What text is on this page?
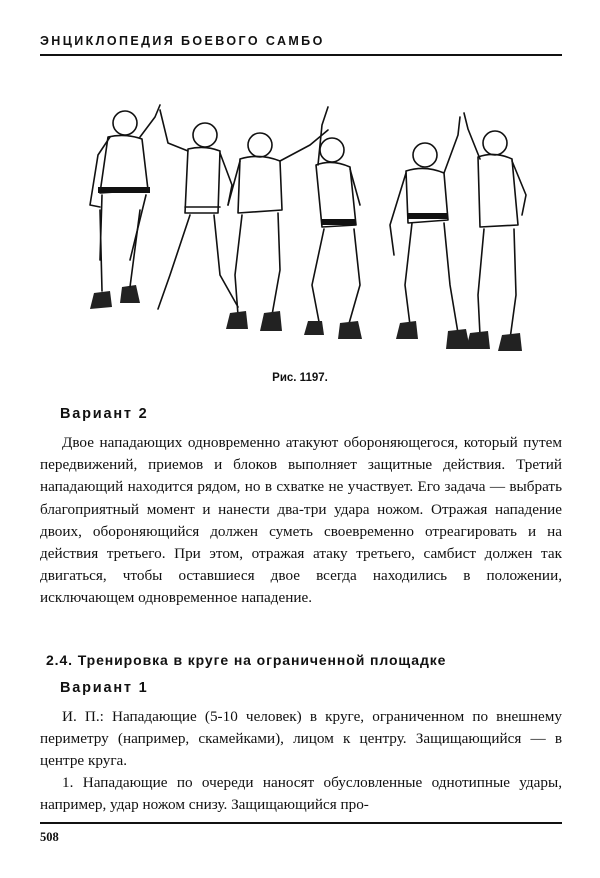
ЭНЦИКЛОПЕДИЯ БОЕВОГО САМБО
Рис. 1197.
Вариант 2
Двое нападающих одновременно атакуют обороняющегося, который путем передвижений, приемов и блоков выполняет защитные действия. Третий нападающий находится рядом, но в схватке не участвует. Его задача — выбрать благоприятный момент и нанести два-три удара ножом. Отражая нападение двоих, обороняющийся должен суметь своевременно отреагировать и на действия третьего. При этом, отражая атаку третьего, самбист должен так двигаться, чтобы оставшиеся двое всегда находились в положении, исключающем одновременное нападение.
2.4. Тренировка в круге на ограниченной площадке
Вариант 1
И. П.: Нападающие (5-10 человек) в круге, ограниченном по внешнему периметру (например, скамейками), лицом к центру. Защищающийся — в центре круга.
1. Нападающие по очереди наносят обусловленные однотипные удары, например, удар ножом снизу. Защищающийся про-
508
